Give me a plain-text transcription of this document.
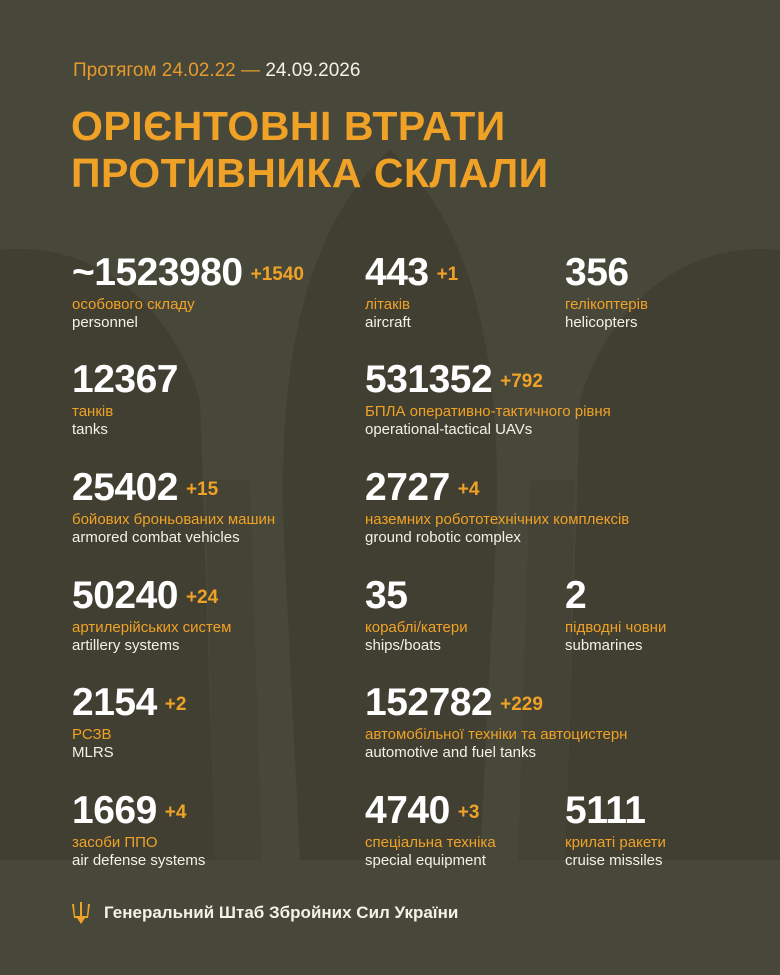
Протягом 24.02.22 — 24.09.2026
ОРІЄНТОВНІ ВТРАТИ
ПРОТИВНИКА СКЛАЛИ
~1523980 +1540
особового складу
personnel
443 +1
літаків
aircraft
356
гелікоптерів
helicopters
12367
танків
tanks
531352 +792
БПЛА оперативно-тактичного рівня
operational-tactical UAVs
25402 +15
бойових броньованих машин
armored combat vehicles
2727 +4
наземних робототехнічних комплексів
ground robotic complex
50240 +24
артилерійських систем
artillery systems
35
кораблі/катери
ships/boats
2
підводні човни
submarines
2154 +2
РСЗВ
MLRS
152782 +229
автомобільної техніки та автоцистерн
automotive and fuel tanks
1669 +4
засоби ППО
air defense systems
4740 +3
спеціальна техніка
special equipment
5111
крилаті ракети
cruise missiles
Генеральний Штаб Збройних Сил України
